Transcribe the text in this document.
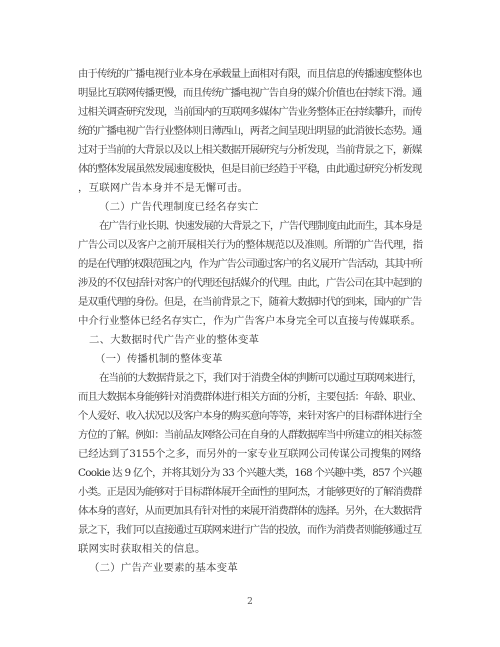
由于传统的广播电视行业本身在承载量上面相对有限，而且信息的传播速度整体也
明显比互联网传播更慢，而且传统广播电视广告自身的媒介价值也在持续下滑。通
过相关调查研究发现，当前国内的互联网多媒体广告业务整体正在持续攀升，而传
统的广播电视广告行业整体则日薄西山，两者之间呈现出明显的此消彼长态势。通
过对于当前的大背景以及以上相关数据开展研究与分析发现，当前背景之下，新媒
体的整体发展虽然发展速度极快，但是目前已经趋于平稳，由此通过研究分析发现
，互联网广告本身并不是无懈可击。
（二）广告代理制度已经名存实亡
在广告行业长期、快速发展的大背景之下，广告代理制度由此而生，其本身是
广告公司以及客户之前开展相关行为的整体规范以及准则。所谓的广告代理，指
的是在代理的权限范围之内，作为广告公司通过客户的名义展开广告活动，其其中所
涉及的不仅包括针对客户的代理还包括媒介的代理。由此，广告公司在其中起到的
是双重代理的身份。但是，在当前背景之下，随着大数据时代的到来，国内的广告
中介行业整体已经名存实亡，作为广告客户本身完全可以直接与传媒联系。
二、大数据时代广告产业的整体变革
（一）传播机制的整体变革
在当前的大数据背景之下，我们对于消费全体的判断可以通过互联网来进行，
而且大数据本身能够针对消费群体进行相关方面的分析，主要包括：年龄、职业、
个人爱好、收入状况以及客户本身的购买意向等等，来针对客户的目标群体进行全
方位的了解。例如：当前品友网络公司在自身的人群数据库当中所建立的相关标签
已经达到了3155个之多，而另外的一家专业互联网公司传谋公司搜集的网络
Cookie 达 9 亿个，并将其划分为 33 个兴趣大类，168 个兴趣中类，857 个兴趣
小类。正是因为能够对于目标群体展开全面性的里阿杰，才能够更好的了解消费群
体本身的喜好，从而更加具有针对性的来展开消费群体的选择。另外，在大数据背
景之下，我们可以直接通过互联网来进行广告的投放，而作为消费者则能够通过互
联网实时获取相关的信息。
（二）广告产业要素的基本变革
2
